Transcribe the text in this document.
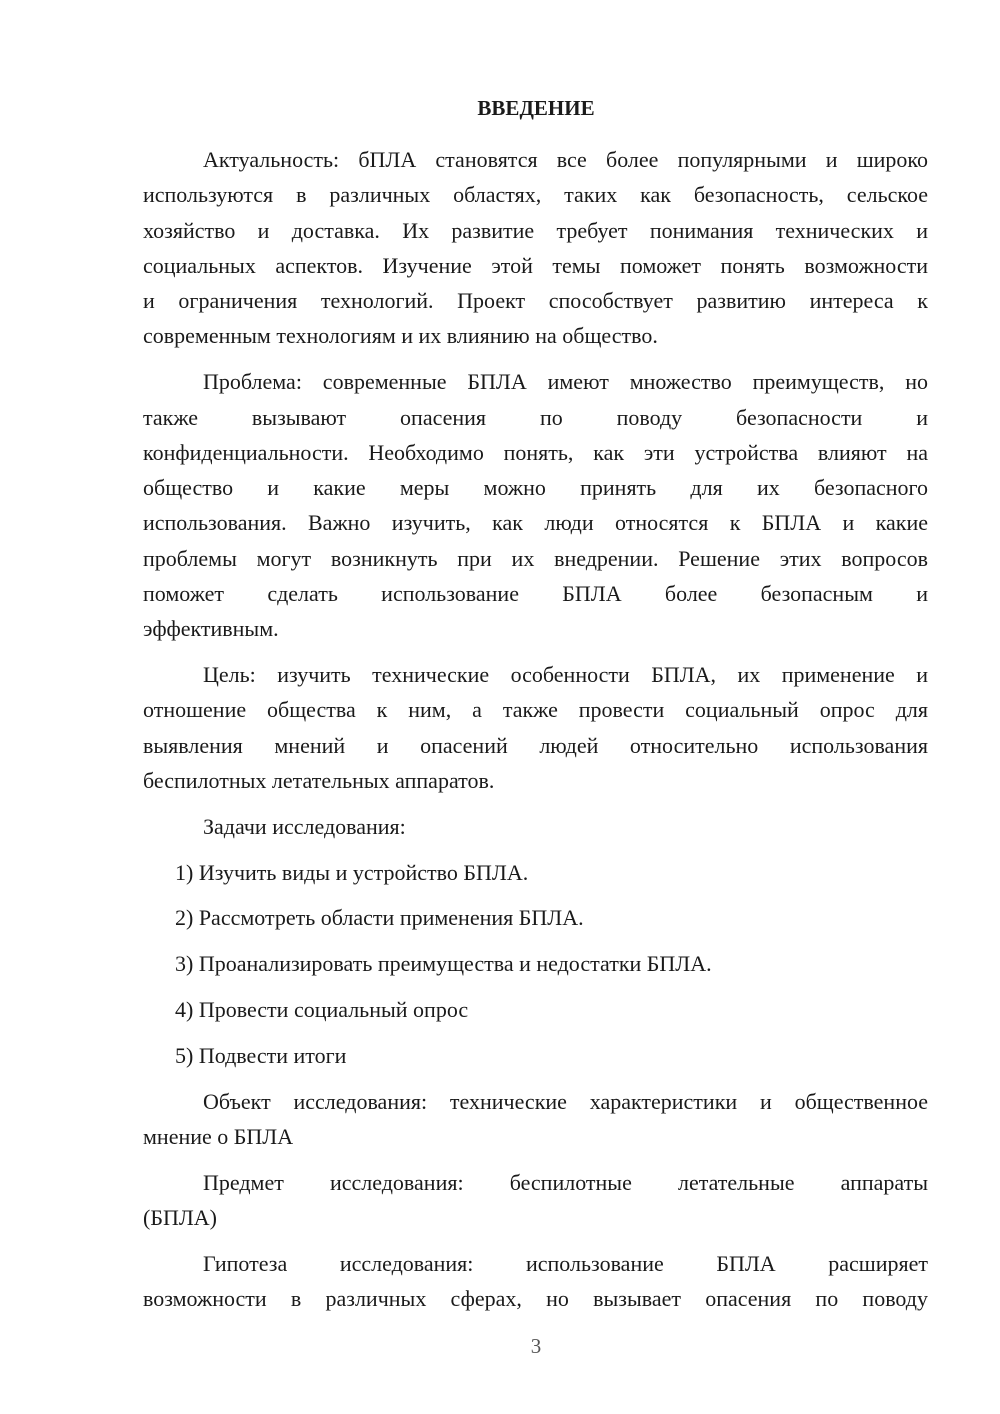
ВВЕДЕНИЕ
Актуальность: бПЛА становятся все более популярными и широко
используются в различных областях, таких как безопасность, сельское
хозяйство и доставка. Их развитие требует понимания технических и
социальных аспектов. Изучение этой темы поможет понять возможности
и ограничения технологий. Проект способствует развитию интереса к
современным технологиям и их влиянию на общество.
Проблема: современные БПЛА имеют множество преимуществ, но
также вызывают опасения по поводу безопасности и
конфиденциальности. Необходимо понять, как эти устройства влияют на
общество и какие меры можно принять для их безопасного
использования. Важно изучить, как люди относятся к БПЛА и какие
проблемы могут возникнуть при их внедрении. Решение этих вопросов
поможет сделать использование БПЛА более безопасным и
эффективным.
Цель: изучить технические особенности БПЛА, их применение и
отношение общества к ним, а также провести социальный опрос для
выявления мнений и опасений людей относительно использования
беспилотных летательных аппаратов.
Задачи исследования:
1) Изучить виды и устройство БПЛА.
2) Рассмотреть области применения БПЛА.
3) Проанализировать преимущества и недостатки БПЛА.
4) Провести социальный опрос
5) Подвести итоги
Объект исследования: технические характеристики и общественное
мнение о БПЛА
Предмет исследования: беспилотные летательные аппараты
(БПЛА)
Гипотеза исследования: использование БПЛА расширяет
возможности в различных сферах, но вызывает опасения по поводу
3
